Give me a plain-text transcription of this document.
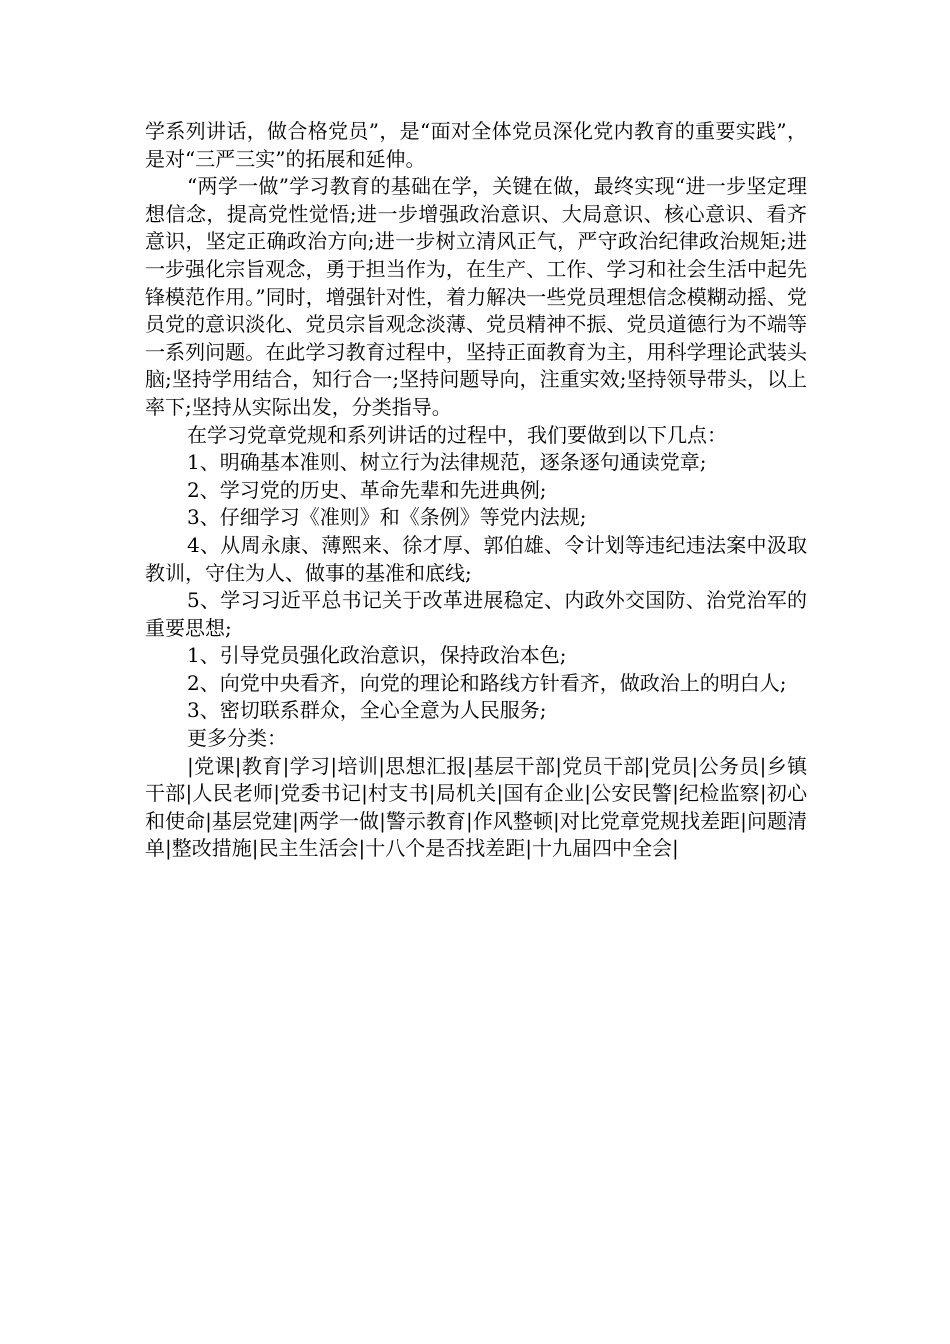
学系列讲话，做合格党员”，是“面对全体党员深化党内教育的重要实践”，是对“三严三实”的拓展和延伸。

“两学一做”学习教育的基础在学，关键在做，最终实现“进一步坚定理想信念，提高党性觉悟;进一步增强政治意识、大局意识、核心意识、看齐意识，坚定正确政治方向;进一步树立清风正气，严守政治纪律政治规矩;进一步强化宗旨观念，勇于担当作为，在生产、工作、学习和社会生活中起先锋模范作用。”同时，增强针对性，着力解决一些党员理想信念模糊动摇、党员党的意识淡化、党员宗旨观念淡薄、党员精神不振、党员道德行为不端等一系列问题。在此学习教育过程中，坚持正面教育为主，用科学理论武装头脑;坚持学用结合，知行合一;坚持问题导向，注重实效;坚持领导带头，以上率下;坚持从实际出发，分类指导。

在学习党章党规和系列讲话的过程中，我们要做到以下几点：

1、明确基本准则、树立行为法律规范，逐条逐句通读党章;

2、学习党的历史、革命先辈和先进典例;

3、仔细学习《准则》和《条例》等党内法规;

4、从周永康、薄熙来、徐才厚、郭伯雄、令计划等违纪违法案中汲取教训，守住为人、做事的基准和底线;

5、学习习近平总书记关于改革进展稳定、内政外交国防、治党治军的重要思想;

1、引导党员强化政治意识，保持政治本色;

2、向党中央看齐，向党的理论和路线方针看齐，做政治上的明白人;

3、密切联系群众，全心全意为人民服务;

更多分类：

|党课|教育|学习|培训|思想汇报|基层干部|党员干部|党员|公务员|乡镇干部|人民老师|党委书记|村支书|局机关|国有企业|公安民警|纪检监察|初心和使命|基层党建|两学一做|警示教育|作风整顿|对比党章党规找差距|问题清单|整改措施|民主生活会|十八个是否找差距|十九届四中全会|
